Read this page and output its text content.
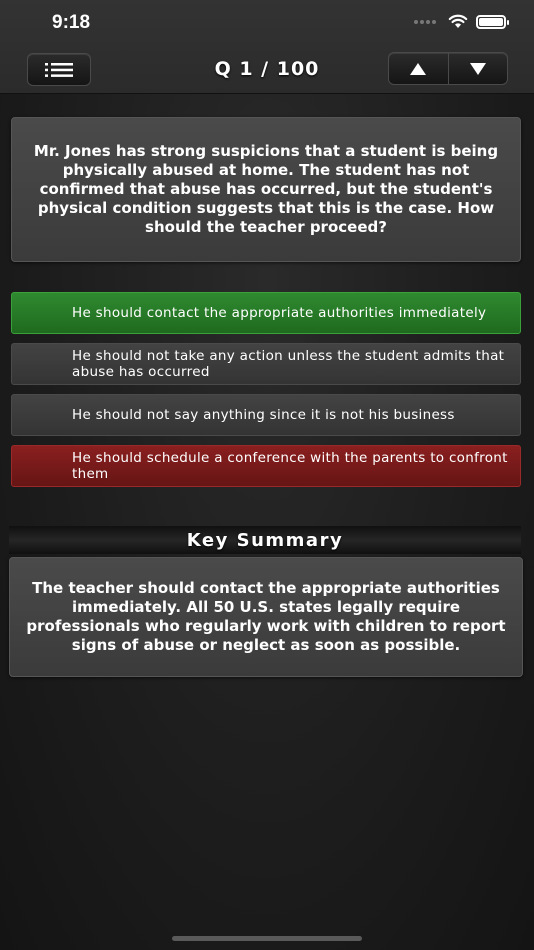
9:18
Q 1 / 100
Mr. Jones has strong suspicions that a student is being physically abused at home. The student has not confirmed that abuse has occurred, but the student's physical condition suggests that this is the case. How should the teacher proceed?
He should contact the appropriate authorities immediately
He should not take any action unless the student admits that abuse has occurred
He should not say anything since it is not his business
He should schedule a conference with the parents to confront them
Key Summary
The teacher should contact the appropriate authorities immediately. All 50 U.S. states legally require professionals who regularly work with children to report signs of abuse or neglect as soon as possible.
